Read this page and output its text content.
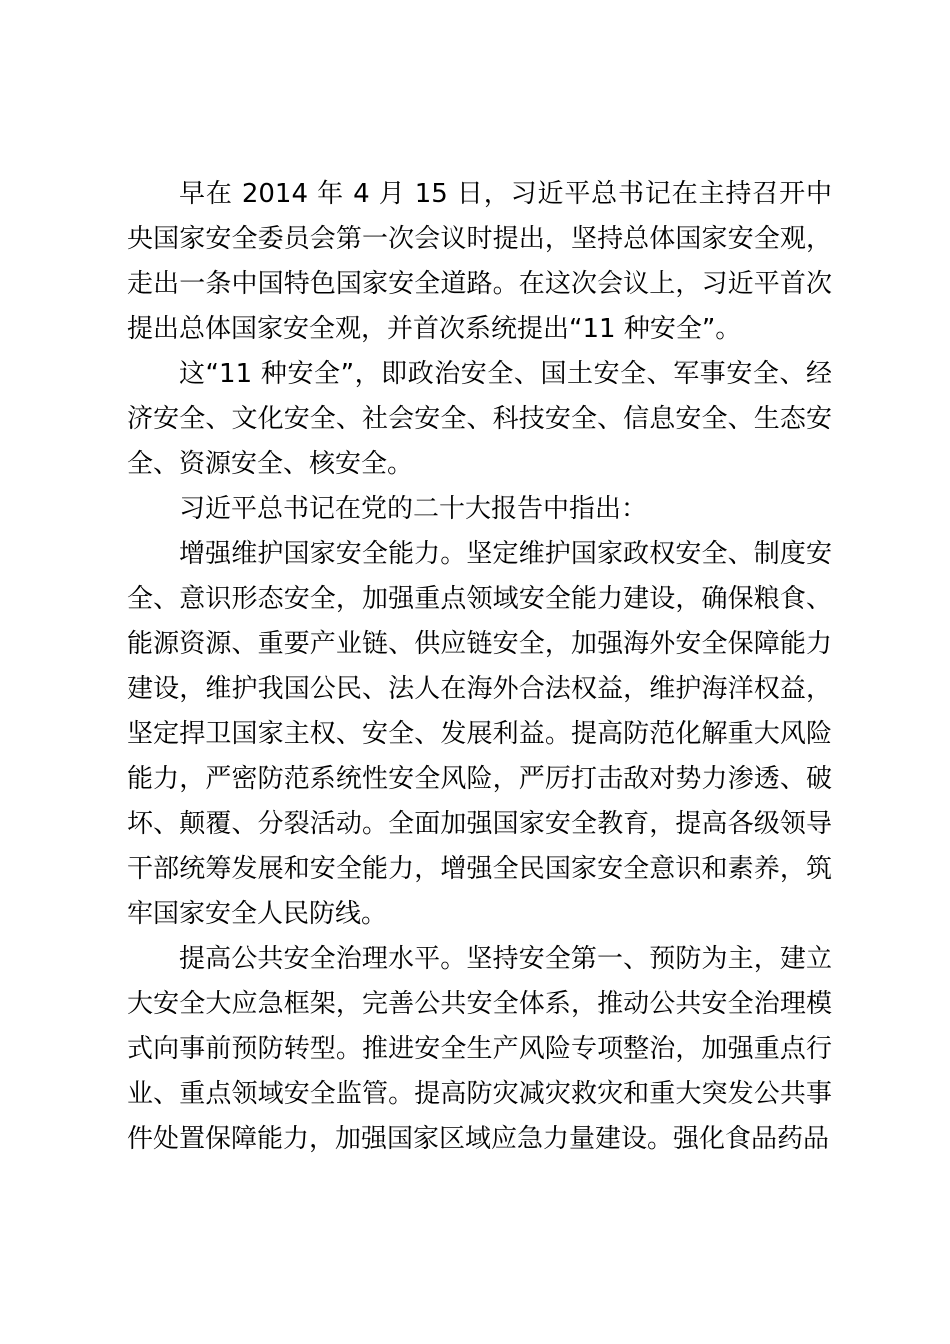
早在 2014 年 4 月 15 日，习近平总书记在主持召开中央国家安全委员会第一次会议时提出，坚持总体国家安全观，走出一条中国特色国家安全道路。在这次会议上，习近平首次提出总体国家安全观，并首次系统提出“11 种安全”。

这“11 种安全”，即政治安全、国土安全、军事安全、经济安全、文化安全、社会安全、科技安全、信息安全、生态安全、资源安全、核安全。

习近平总书记在党的二十大报告中指出：

增强维护国家安全能力。坚定维护国家政权安全、制度安全、意识形态安全，加强重点领域安全能力建设，确保粮食、能源资源、重要产业链、供应链安全，加强海外安全保障能力建设，维护我国公民、法人在海外合法权益，维护海洋权益，坚定捍卫国家主权、安全、发展利益。提高防范化解重大风险能力，严密防范系统性安全风险，严厉打击敌对势力渗透、破坏、颠覆、分裂活动。全面加强国家安全教育，提高各级领导干部统筹发展和安全能力，增强全民国家安全意识和素养，筑牢国家安全人民防线。

提高公共安全治理水平。坚持安全第一、预防为主，建立大安全大应急框架，完善公共安全体系，推动公共安全治理模式向事前预防转型。推进安全生产风险专项整治，加强重点行业、重点领域安全监管。提高防灾减灾救灾和重大突发公共事件处置保障能力，加强国家区域应急力量建设。强化食品药品
